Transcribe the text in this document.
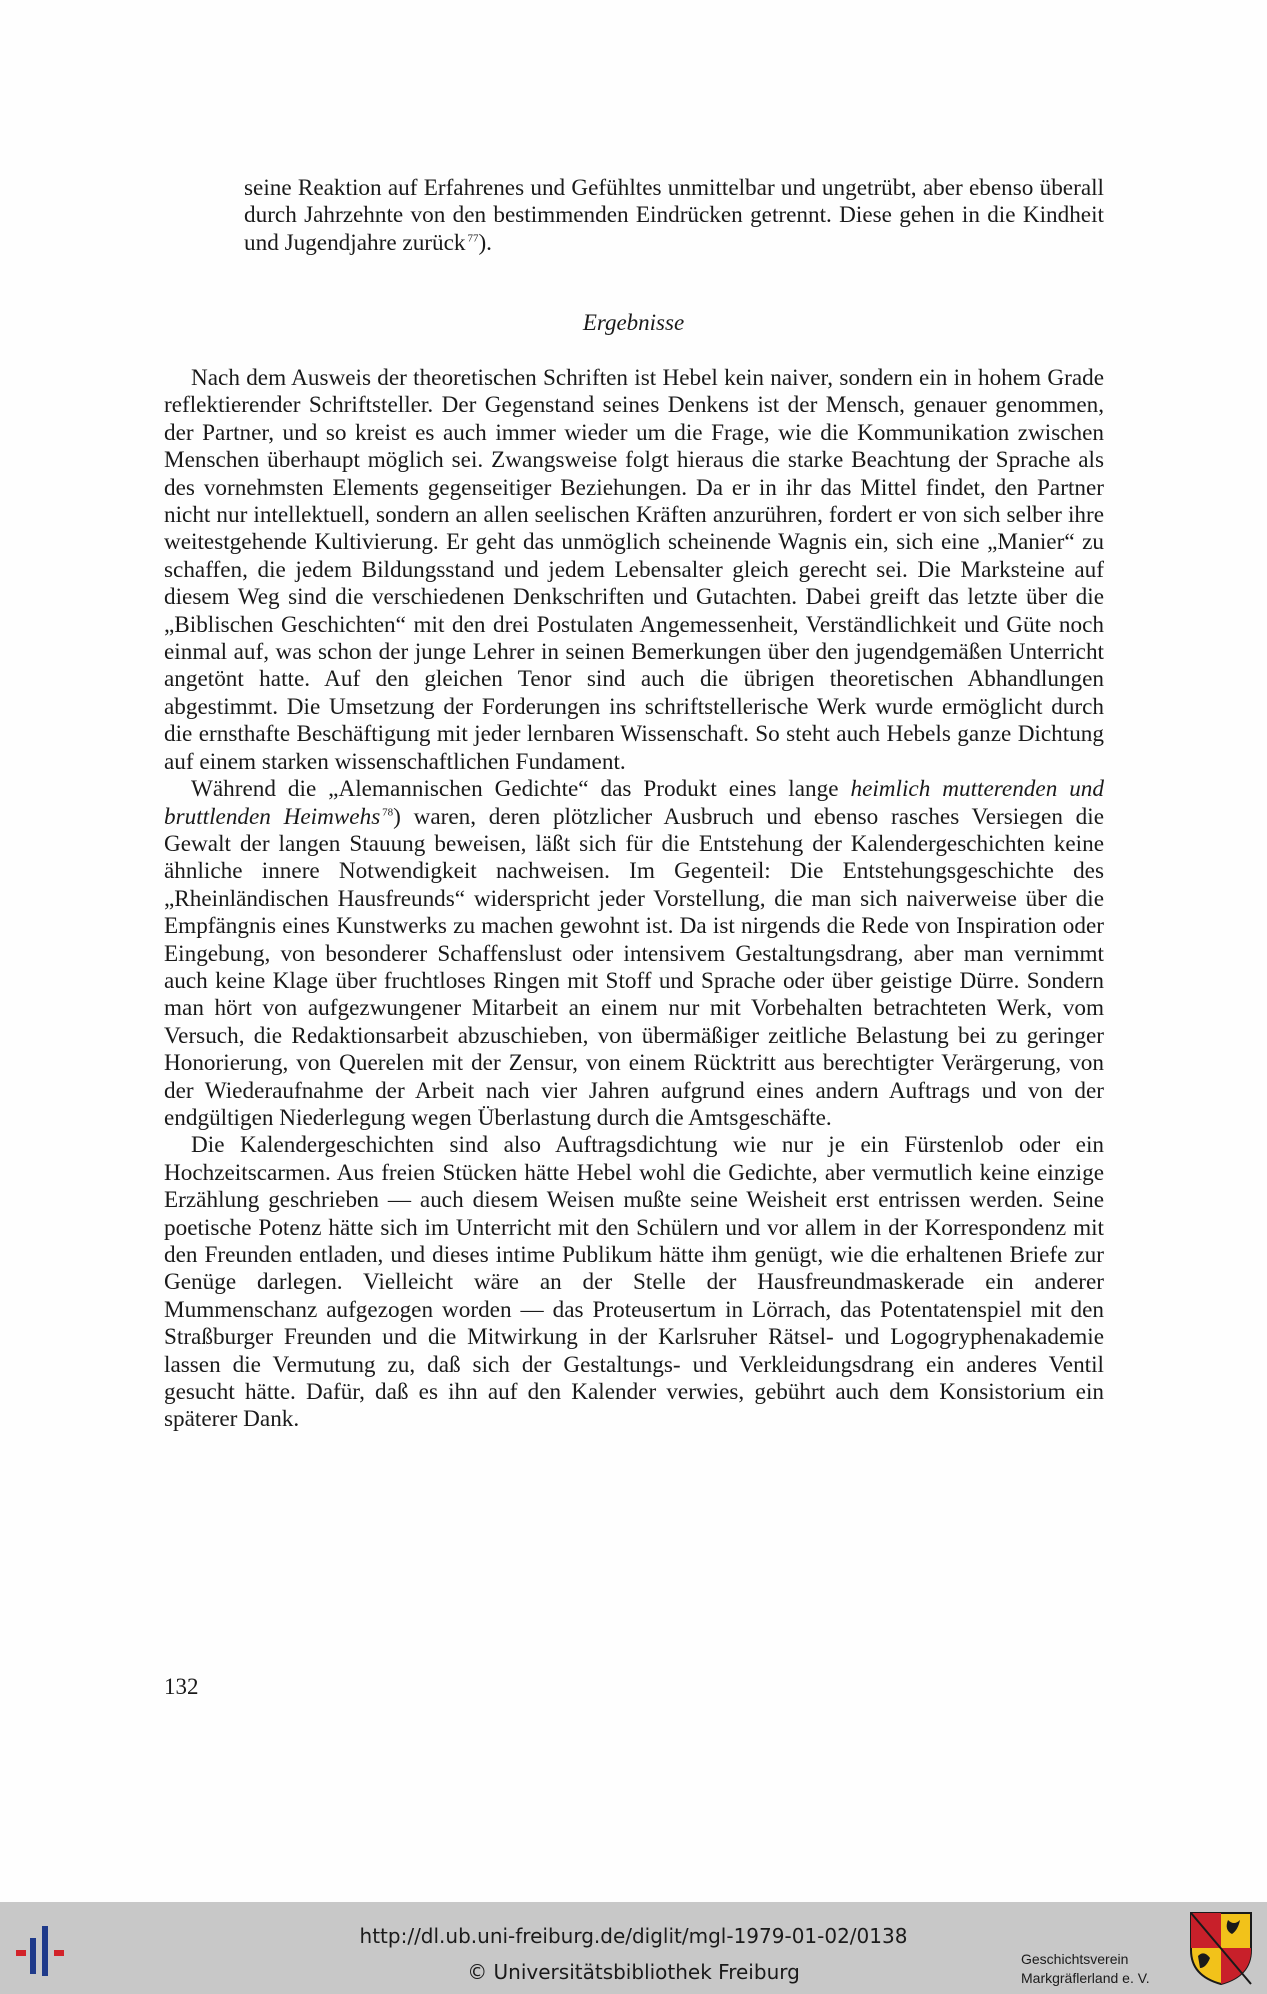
seine Reaktion auf Erfahrenes und Gefühltes unmittelbar und ungetrübt, aber ebenso überall durch Jahrzehnte von den bestimmenden Eindrücken getrennt. Diese gehen in die Kindheit und Jugendjahre zurück  $^{77}$).

Ergebnisse

Nach dem Ausweis der theoretischen Schriften ist Hebel kein naiver, sondern ein in hohem Grade reflektierender Schriftsteller. Der Gegenstand seines Denkens ist der Mensch, genauer genommen, der Partner, und so kreist es auch immer wieder um die Frage, wie die Kommunikation zwischen Menschen überhaupt möglich sei. Zwangsweise folgt hieraus die starke Beachtung der Sprache als des vornehmsten Elements gegenseitiger Beziehungen. Da er in ihr das Mittel findet, den Partner nicht nur intellektuell, sondern an allen seelischen Kräften anzurühren, fordert er von sich selber ihre weitestgehende Kultivierung. Er geht das unmöglich scheinende Wagnis ein, sich eine „Manier“ zu schaffen, die jedem Bildungsstand und jedem Lebensalter gleich gerecht sei. Die Marksteine auf diesem Weg sind die verschiedenen Denkschriften und Gutachten. Dabei greift das letzte über die „Biblischen Geschichten“ mit den drei Postulaten Angemessenheit, Verständlichkeit und Güte noch einmal auf, was schon der junge Lehrer in seinen Bemerkungen über den jugendgemäßen Unterricht angetönt hatte. Auf den gleichen Tenor sind auch die übrigen theoretischen Abhandlungen abgestimmt. Die Umsetzung der Forderungen ins schriftstellerische Werk wurde ermöglicht durch die ernsthafte Beschäftigung mit jeder lernbaren Wissenschaft. So steht auch Hebels ganze Dichtung auf einem starken wissenschaftlichen Fundament.

Während die „Alemannischen Gedichte“ das Produkt eines lange heimlich mutterenden und bruttlenden Heimwehs  $^{78}$) waren, deren plötzlicher Ausbruch und ebenso rasches Versiegen die Gewalt der langen Stauung beweisen, läßt sich für die Entstehung der Kalendergeschichten keine ähnliche innere Notwendigkeit nachweisen. Im Gegenteil: Die Entstehungsgeschichte des „Rheinländischen Hausfreunds“ widerspricht jeder Vorstellung, die man sich naiverweise über die Empfängnis eines Kunstwerks zu machen gewohnt ist. Da ist nirgends die Rede von Inspiration oder Eingebung, von besonderer Schaffenslust oder intensivem Gestaltungsdrang, aber man vernimmt auch keine Klage über fruchtloses Ringen mit Stoff und Sprache oder über geistige Dürre. Sondern man hört von aufgezwungener Mitarbeit an einem nur mit Vorbehalten betrachteten Werk, vom Versuch, die Redaktionsarbeit abzuschieben, von übermäßiger zeitliche Belastung bei zu geringer Honorierung, von Querelen mit der Zensur, von einem Rücktritt aus berechtigter Verärgerung, von der Wiederaufnahme der Arbeit nach vier Jahren aufgrund eines andern Auftrags und von der endgültigen Niederlegung wegen Überlastung durch die Amtsgeschäfte.

Die Kalendergeschichten sind also Auftragsdichtung wie nur je ein Fürstenlob oder ein Hochzeitscarmen. Aus freien Stücken hätte Hebel wohl die Gedichte, aber vermutlich keine einzige Erzählung geschrieben — auch diesem Weisen mußte seine Weisheit erst entrissen werden. Seine poetische Potenz hätte sich im Unterricht mit den Schülern und vor allem in der Korrespondenz mit den Freunden entladen, und dieses intime Publikum hätte ihm genügt, wie die erhaltenen Briefe zur Genüge darlegen. Vielleicht wäre an der Stelle der Hausfreundmaskerade ein anderer Mummenschanz aufgezogen worden — das Proteusertum in Lörrach, das Potentatenspiel mit den Straßburger Freunden und die Mitwirkung in der Karlsruher Rätsel- und Logogryphenakademie lassen die Vermutung zu, daß sich der Gestaltungs- und Verkleidungsdrang ein anderes Ventil gesucht hätte. Dafür, daß es ihn auf den Kalender verwies, gebührt auch dem Konsistorium ein späterer Dank.

132
http://dl.ub.uni-freiburg.de/diglit/mgl-1979-01-02/0138
© Universitätsbibliothek Freiburg
Geschichtsverein
Markgräflerland e. V.
